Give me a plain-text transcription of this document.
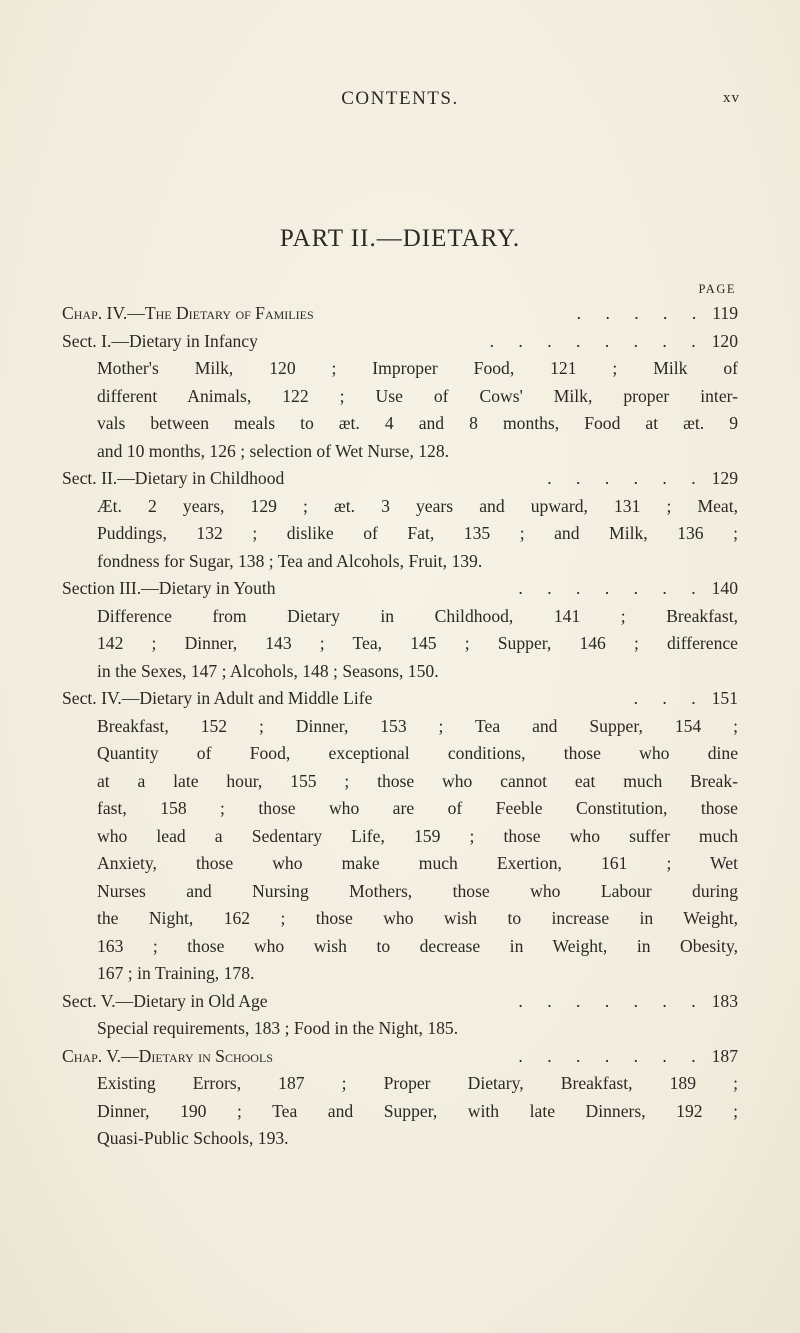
CONTENTS.	xv
PART II.—DIETARY.
PAGE
Chap. IV.—The Dietary of Families	. . . . . 119
Sect. I.—Dietary in Infancy	. . . . . . . . 120
Mother's Milk, 120 ; Improper Food, 121 ; Milk of
different Animals, 122 ; Use of Cows' Milk, proper inter-
vals between meals to æt. 4 and 8 months, Food at æt. 9
and 10 months, 126 ; selection of Wet Nurse, 128.
Sect. II.—Dietary in Childhood	. . . . . . 129
Æt. 2 years, 129 ; æt. 3 years and upward, 131 ; Meat,
Puddings, 132 ; dislike of Fat, 135 ; and Milk, 136 ;
fondness for Sugar, 138 ; Tea and Alcohols, Fruit, 139.
Section III.—Dietary in Youth	. . . . . . . 140
Difference from Dietary in Childhood, 141 ; Breakfast,
142 ; Dinner, 143 ; Tea, 145 ; Supper, 146 ; difference
in the Sexes, 147 ; Alcohols, 148 ; Seasons, 150.
Sect. IV.—Dietary in Adult and Middle Life	. . . 151
Breakfast, 152 ; Dinner, 153 ; Tea and Supper, 154 ;
Quantity of Food, exceptional conditions, those who dine
at a late hour, 155 ; those who cannot eat much Break-
fast, 158 ; those who are of Feeble Constitution, those
who lead a Sedentary Life, 159 ; those who suffer much
Anxiety, those who make much Exertion, 161 ; Wet
Nurses and Nursing Mothers, those who Labour during
the Night, 162 ; those who wish to increase in Weight,
163 ; those who wish to decrease in Weight, in Obesity,
167 ; in Training, 178.
Sect. V.—Dietary in Old Age	. . . . . . . 183
Special requirements, 183 ; Food in the Night, 185.
Chap. V.—Dietary in Schools	. . . . . . . 187
Existing Errors, 187 ; Proper Dietary, Breakfast, 189 ;
Dinner, 190 ; Tea and Supper, with late Dinners, 192 ;
Quasi-Public Schools, 193.
